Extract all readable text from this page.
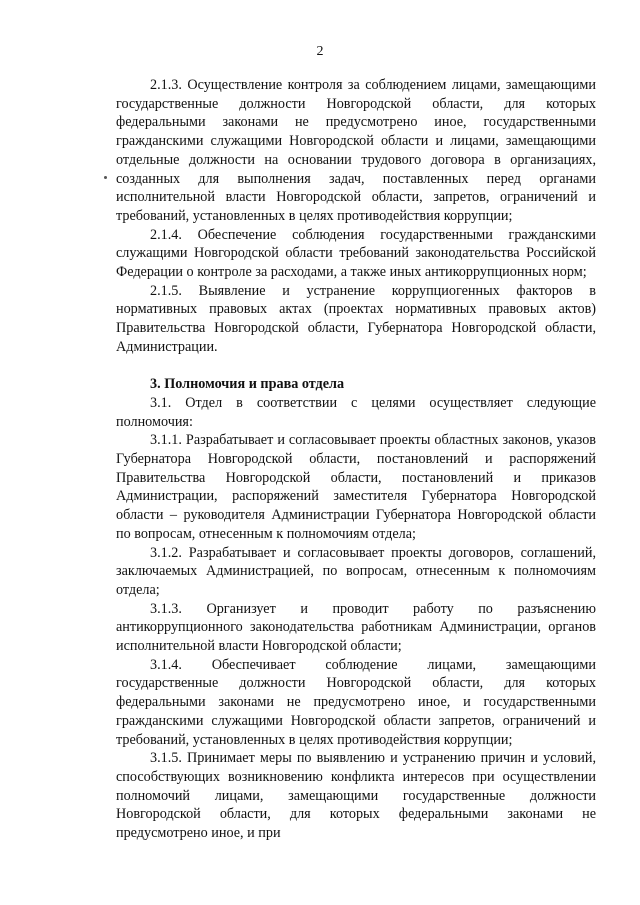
2

2.1.3. Осуществление контроля за соблюдением лицами, замещающими государственные должности Новгородской области, для которых федеральными законами не предусмотрено иное, государственными гражданскими служащими Новгородской области и лицами, замещающими отдельные должности на основании трудового договора в организациях, созданных для выполнения задач, поставленных перед органами исполнительной власти Новгородской области, запретов, ограничений и требований, установленных в целях противодействия коррупции;

2.1.4. Обеспечение соблюдения государственными гражданскими служащими Новгородской области требований законодательства Российской Федерации о контроле за расходами, а также иных антикоррупционных норм;

2.1.5. Выявление и устранение коррупциогенных факторов в нормативных правовых актах (проектах нормативных правовых актов) Правительства Новгородской области, Губернатора Новгородской области, Администрации.

3. Полномочия и права отдела

3.1. Отдел в соответствии с целями осуществляет следующие полномочия:

3.1.1. Разрабатывает и согласовывает проекты областных законов, указов Губернатора Новгородской области, постановлений и распоряжений Правительства Новгородской области, постановлений и приказов Администрации, распоряжений заместителя Губернатора Новгородской области – руководителя Администрации Губернатора Новгородской области по вопросам, отнесенным к полномочиям отдела;

3.1.2. Разрабатывает и согласовывает проекты договоров, соглашений, заключаемых Администрацией, по вопросам, отнесенным к полномочиям отдела;

3.1.3. Организует и проводит работу по разъяснению антикоррупционного законодательства работникам Администрации, органов исполнительной власти Новгородской области;

3.1.4. Обеспечивает соблюдение лицами, замещающими государственные должности Новгородской области, для которых федеральными законами не предусмотрено иное, и государственными гражданскими служащими Новгородской области запретов, ограничений и требований, установленных в целях противодействия коррупции;

3.1.5. Принимает меры по выявлению и устранению причин и условий, способствующих возникновению конфликта интересов при осуществлении полномочий лицами, замещающими государственные должности Новгородской области, для которых федеральными законами не предусмотрено иное, и при
